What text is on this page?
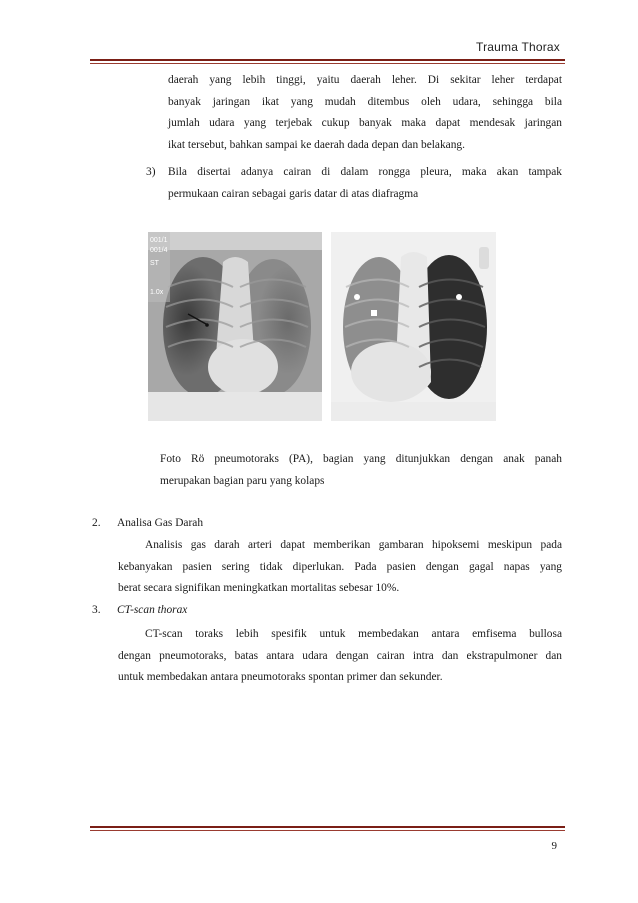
Trauma Thorax
daerah yang lebih tinggi, yaitu daerah leher. Di sekitar leher terdapat
banyak jaringan ikat yang mudah ditembus oleh udara, sehingga bila
jumlah udara yang terjebak cukup banyak maka dapat mendesak jaringan
ikat tersebut, bahkan sampai ke daerah dada depan dan belakang.
3) Bila disertai adanya cairan di dalam rongga pleura, maka akan tampak
permukaan cairan sebagai garis datar di atas diafragma
001/1
001/4
ST
1.0x
Foto Rö pneumotoraks (PA), bagian yang ditunjukkan dengan anak panah
merupakan bagian paru yang kolaps
2. Analisa Gas Darah
Analisis gas darah arteri dapat memberikan gambaran hipoksemi meskipun pada
kebanyakan pasien sering tidak diperlukan. Pada pasien dengan gagal napas yang
berat secara signifikan meningkatkan mortalitas sebesar 10%.
3. CT-scan thorax
CT-scan toraks lebih spesifik untuk membedakan antara emfisema bullosa
dengan pneumotoraks, batas antara udara dengan cairan intra dan ekstrapulmoner dan
untuk membedakan antara pneumotoraks spontan primer dan sekunder.
9
